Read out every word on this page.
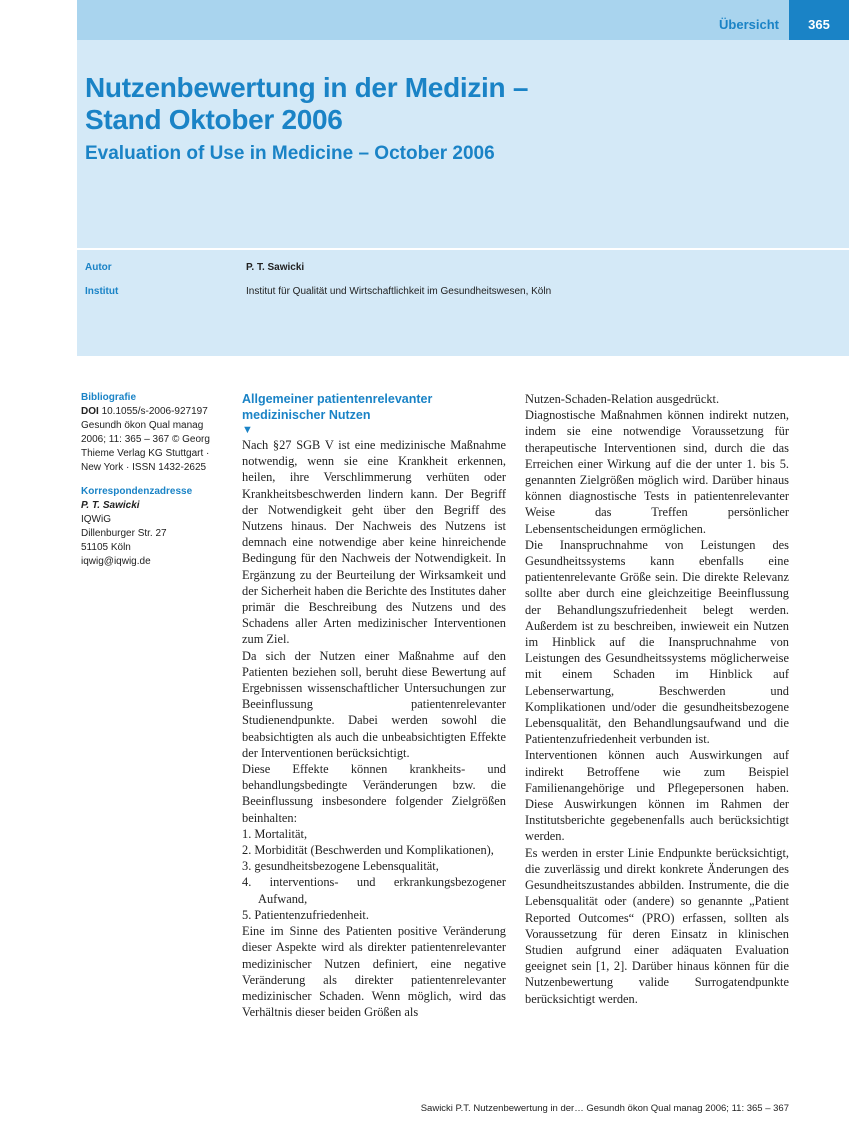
Übersicht	365
Nutzenbewertung in der Medizin –
Stand Oktober 2006
Evaluation of Use in Medicine – October 2006
Autor	P. T. Sawicki
Institut	Institut für Qualität und Wirtschaftlichkeit im Gesundheitswesen, Köln
Bibliografie
DOI 10.1055/s-2006-927197
Gesundh ökon Qual manag
2006; 11: 365 – 367 © Georg
Thieme Verlag KG Stuttgart ·
New York · ISSN 1432-2625
Korrespondenzadresse
P. T. Sawicki
IQWiG
Dillenburger Str. 27
51105 Köln
iqwig@iqwig.de
Allgemeiner patientenrelevanter medizinischer Nutzen
▼

Nach §27 SGB V ist eine medizinische Maßnahme notwendig, wenn sie eine Krankheit erkennen, heilen, ihre Verschlimmerung verhüten oder Krankheitsbeschwerden lindern kann. Der Begriff der Notwendigkeit geht über den Begriff des Nutzens hinaus. Der Nachweis des Nutzens ist demnach eine notwendige aber keine hinreichende Bedingung für den Nachweis der Notwendigkeit. In Ergänzung zu der Beurteilung der Wirksamkeit und der Sicherheit haben die Berichte des Institutes daher primär die Beschreibung des Nutzens und des Schadens aller Arten medizinischer Interventionen zum Ziel.

Da sich der Nutzen einer Maßnahme auf den Patienten beziehen soll, beruht diese Bewertung auf Ergebnissen wissenschaftlicher Untersuchungen zur Beeinflussung patientenrelevanter Studienendpunkte. Dabei werden sowohl die beabsichtigten als auch die unbeabsichtigten Effekte der Interventionen berücksichtigt.

Diese Effekte können krankheits- und behandlungsbedingte Veränderungen bzw. die Beeinflussung insbesondere folgender Zielgrößen beinhalten:

1. Mortalität,
2. Morbidität (Beschwerden und Komplikationen),
3. gesundheitsbezogene Lebensqualität,
4. interventions- und erkrankungsbezogener Aufwand,
5. Patientenzufriedenheit.

Eine im Sinne des Patienten positive Veränderung dieser Aspekte wird als direkter patientenrelevanter medizinischer Nutzen definiert, eine negative Veränderung als direkter patientenrelevanter medizinischer Schaden. Wenn möglich, wird das Verhältnis dieser beiden Größen als

Nutzen-Schaden-Relation ausgedrückt.

Diagnostische Maßnahmen können indirekt nutzen, indem sie eine notwendige Voraussetzung für therapeutische Interventionen sind, durch die das Erreichen einer Wirkung auf die der unter 1. bis 5. genannten Zielgrößen möglich wird. Darüber hinaus können diagnostische Tests in patientenrelevanter Weise das Treffen persönlicher Lebensentscheidungen ermöglichen.

Die Inanspruchnahme von Leistungen des Gesundheitssystems kann ebenfalls eine patientenrelevante Größe sein. Die direkte Relevanz sollte aber durch eine gleichzeitige Beeinflussung der Behandlungszufriedenheit belegt werden. Außerdem ist zu beschreiben, inwieweit ein Nutzen im Hinblick auf die Inanspruchnahme von Leistungen des Gesundheitssystems möglicherweise mit einem Schaden im Hinblick auf Lebenserwartung, Beschwerden und Komplikationen und/oder die gesundheitsbezogene Lebensqualität, den Behandlungsaufwand und die Patientenzufriedenheit verbunden ist.

Interventionen können auch Auswirkungen auf indirekt Betroffene wie zum Beispiel Familienangehörige und Pflegepersonen haben. Diese Auswirkungen können im Rahmen der Institutsberichte gegebenenfalls auch berücksichtigt werden.

Es werden in erster Linie Endpunkte berücksichtigt, die zuverlässig und direkt konkrete Änderungen des Gesundheitszustandes abbilden. Instrumente, die die Lebensqualität oder (andere) so genannte „Patient Reported Outcomes“ (PRO) erfassen, sollten als Voraussetzung für deren Einsatz in klinischen Studien aufgrund einer adäquaten Evaluation geeignet sein [1, 2]. Darüber hinaus können für die Nutzenbewertung valide Surrogatendpunkte berücksichtigt werden.

Sawicki P.T. Nutzenbewertung in der… Gesundh ökon Qual manag 2006; 11: 365 – 367
